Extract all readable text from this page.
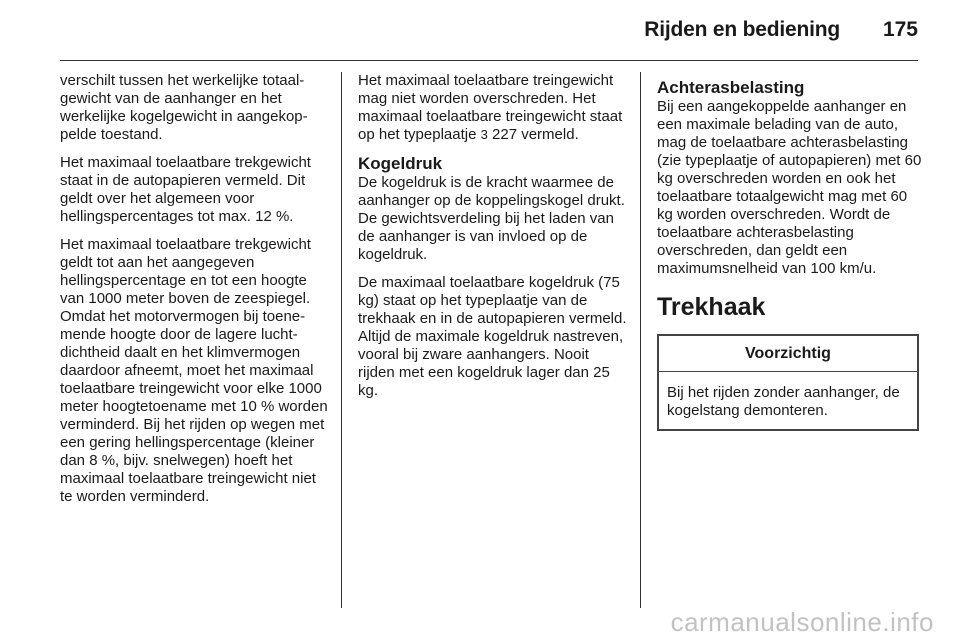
Rijden en bediening 175

verschilt tussen het werkelijke totaalgewicht van de aanhanger en het werkelijke kogelgewicht in aangekoppelde toestand.

Het maximaal toelaatbare trekgewicht staat in de autopapieren vermeld. Dit geldt over het algemeen voor hellingspercentages tot max. 12 %.

Het maximaal toelaatbare trekgewicht geldt tot aan het aangegeven hellingspercentage en tot een hoogte van 1000 meter boven de zeespiegel. Omdat het motorvermogen bij toenemende hoogte door de lagere luchtdichtheid daalt en het klimvermogen daardoor afneemt, moet het maximaal toelaatbare treingewicht voor elke 1000 meter hoogtetoename met 10 % worden verminderd. Bij het rijden op wegen met een gering hellingspercentage (kleiner dan 8 %, bijv. snelwegen) hoeft het maximaal toelaatbare treingewicht niet te worden verminderd.

Het maximaal toelaatbare treingewicht mag niet worden overschreden. Het maximaal toelaatbare treingewicht staat op het typeplaatje 3 227 vermeld.

Kogeldruk

De kogeldruk is de kracht waarmee de aanhanger op de koppelingskogel drukt. De gewichtsverdeling bij het laden van de aanhanger is van invloed op de kogeldruk.

De maximaal toelaatbare kogeldruk (75 kg) staat op het typeplaatje van de trekhaak en in de autopapieren vermeld. Altijd de maximale kogeldruk nastreven, vooral bij zware aanhangers. Nooit rijden met een kogeldruk lager dan 25 kg.

Achterasbelasting

Bij een aangekoppelde aanhanger en een maximale belading van de auto, mag de toelaatbare achterasbelasting (zie typeplaatje of autopapieren) met 60 kg overschreden worden en ook het toelaatbare totaalgewicht mag met 60 kg worden overschreden. Wordt de toelaatbare achterasbelasting overschreden, dan geldt een maximumsnelheid van 100 km/u.

Trekhaak
Voorzichtig
Bij het rijden zonder aanhanger, de kogelstang demonteren.
carmanualsonline.info
